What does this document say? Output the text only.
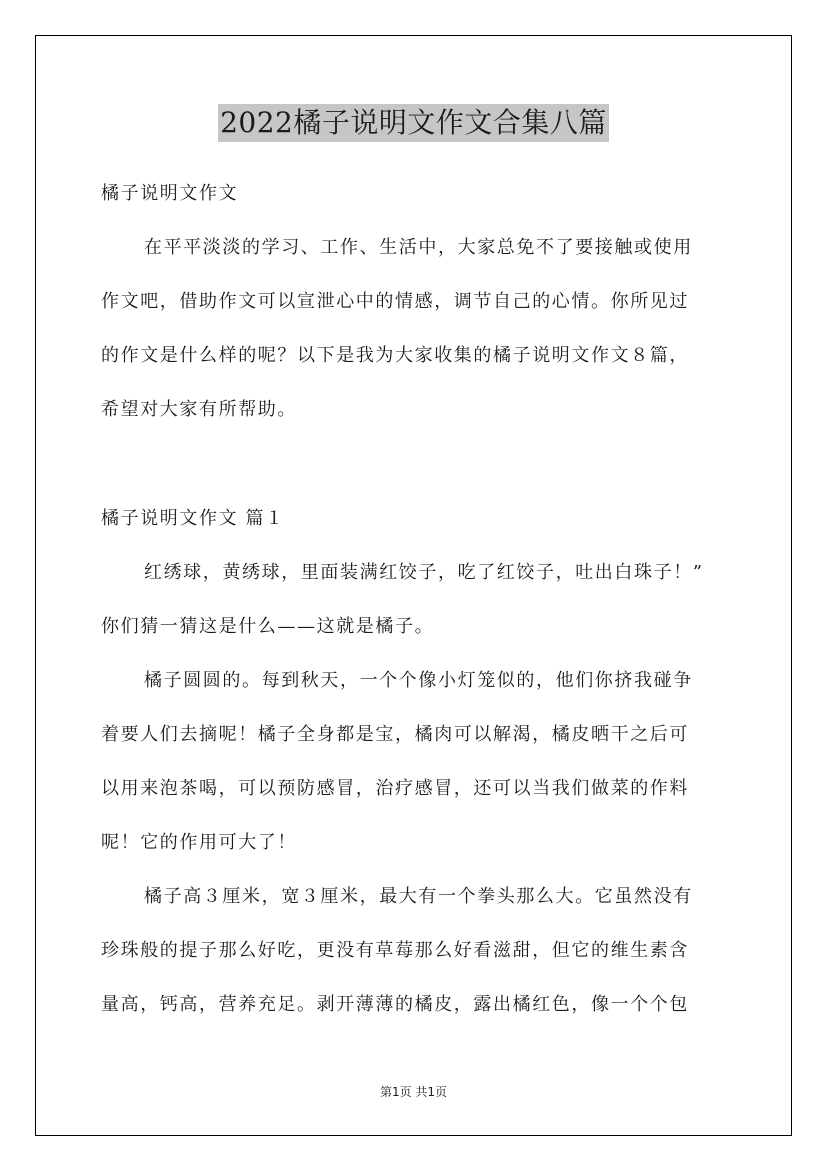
2022橘子说明文作文合集八篇
橘子说明文作文
在平平淡淡的学习、工作、生活中，大家总免不了要接触或使用
作文吧，借助作文可以宣泄心中的情感，调节自己的心情。你所见过
的作文是什么样的呢？以下是我为大家收集的橘子说明文作文８篇，
希望对大家有所帮助。
橘子说明文作文 篇１
红绣球，黄绣球，里面装满红饺子，吃了红饺子，吐出白珠子！”
你们猜一猜这是什么——这就是橘子。
橘子圆圆的。每到秋天，一个个像小灯笼似的，他们你挤我碰争
着要人们去摘呢！橘子全身都是宝，橘肉可以解渴，橘皮晒干之后可
以用来泡茶喝，可以预防感冒，治疗感冒，还可以当我们做菜的作料
呢！它的作用可大了！
橘子高３厘米，宽３厘米，最大有一个拳头那么大。它虽然没有
珍珠般的提子那么好吃，更没有草莓那么好看滋甜，但它的维生素含
量高，钙高，营养充足。剥开薄薄的橘皮，露出橘红色，像一个个包
第1页 共1页
